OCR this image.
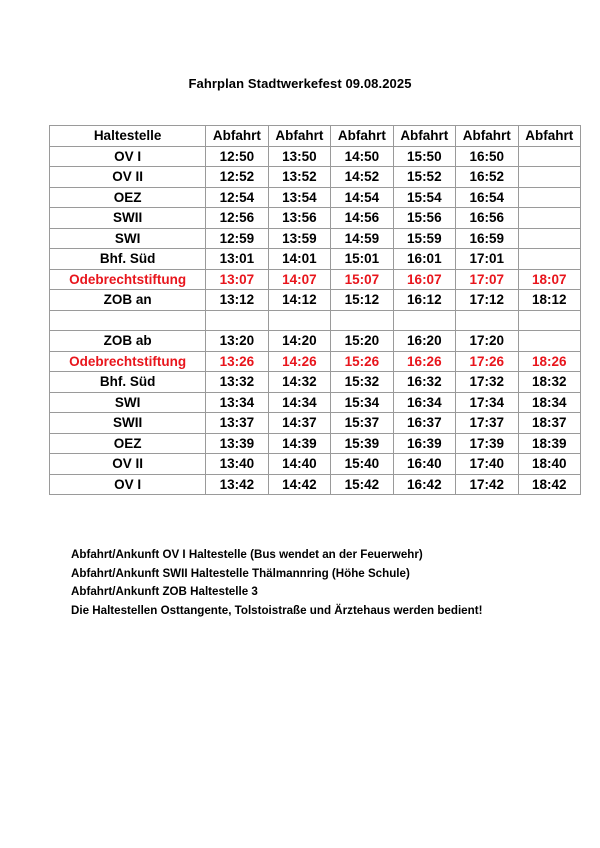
Fahrplan Stadtwerkefest 09.08.2025
Haltestelle	Abfahrt	Abfahrt	Abfahrt	Abfahrt	Abfahrt	Abfahrt
OV I	12:50	13:50	14:50	15:50	16:50	
OV II	12:52	13:52	14:52	15:52	16:52	
OEZ	12:54	13:54	14:54	15:54	16:54	
SWII	12:56	13:56	14:56	15:56	16:56	
SWI	12:59	13:59	14:59	15:59	16:59	
Bhf. Süd	13:01	14:01	15:01	16:01	17:01	
Odebrechtstiftung	13:07	14:07	15:07	16:07	17:07	18:07
ZOB an	13:12	14:12	15:12	16:12	17:12	18:12

ZOB ab	13:20	14:20	15:20	16:20	17:20	
Odebrechtstiftung	13:26	14:26	15:26	16:26	17:26	18:26
Bhf. Süd	13:32	14:32	15:32	16:32	17:32	18:32
SWI	13:34	14:34	15:34	16:34	17:34	18:34
SWII	13:37	14:37	15:37	16:37	17:37	18:37
OEZ	13:39	14:39	15:39	16:39	17:39	18:39
OV II	13:40	14:40	15:40	16:40	17:40	18:40
OV I	13:42	14:42	15:42	16:42	17:42	18:42
Abfahrt/Ankunft OV I Haltestelle (Bus wendet an der Feuerwehr)
Abfahrt/Ankunft SWII Haltestelle Thälmannring (Höhe Schule)
Abfahrt/Ankunft ZOB Haltestelle 3
Die Haltestellen Osttangente, Tolstoistraße und Ärztehaus werden bedient!
